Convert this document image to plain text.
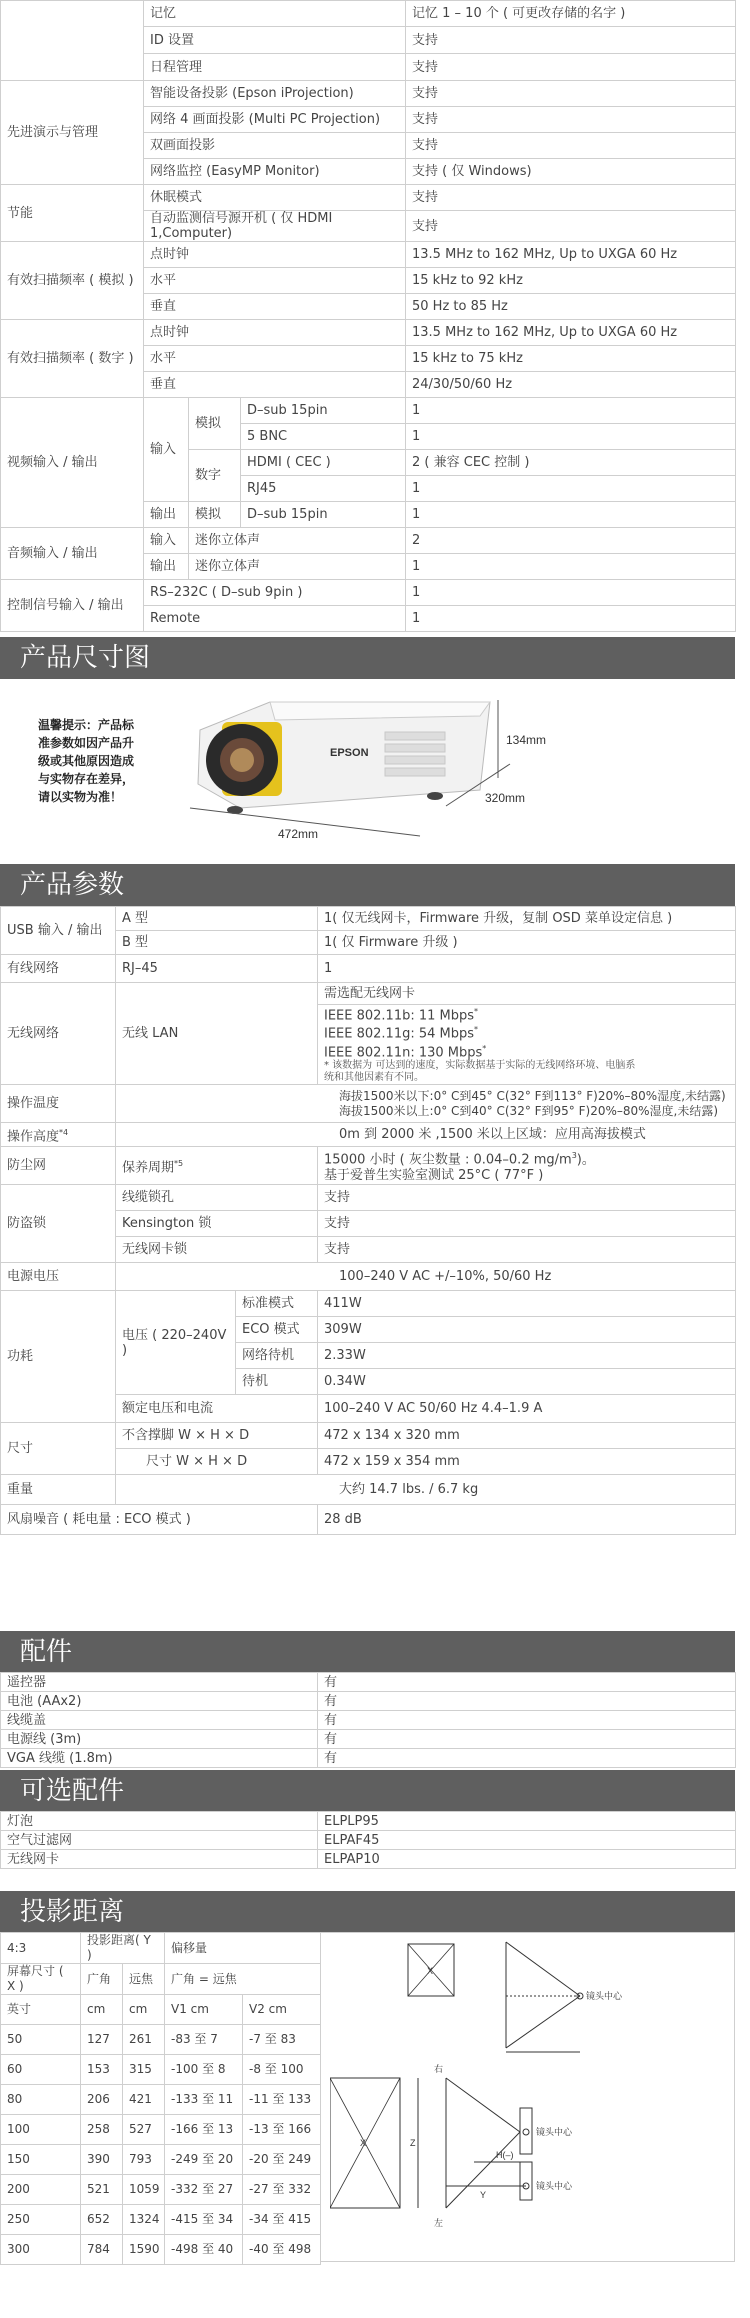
	记忆			记忆 1 – 10 个 ( 可更改存储的名字 )
	ID 设置			支持
	日程管理			支持
先进演示与管理	智能设备投影 (Epson iProjection)			支持
	网络 4 画面投影 (Multi PC Projection)			支持
	双画面投影			支持
	网络监控 (EasyMP Monitor)			支持 ( 仅 Windows)
节能	休眠模式			支持
	自动监测信号源开机 ( 仅 HDMI 1,Computer)			支持
有效扫描频率 ( 模拟 )	点时钟			13.5 MHz to 162 MHz, Up to UXGA 60 Hz
	水平			15 kHz to 92 kHz
	垂直			50 Hz to 85 Hz
有效扫描频率 ( 数字 )	点时钟			13.5 MHz to 162 MHz, Up to UXGA 60 Hz
	水平			15 kHz to 75 kHz
	垂直			24/30/50/60 Hz
视频输入 / 输出	输入	模拟	D–sub 15pin	1
			5 BNC	1
		数字	HDMI ( CEC )	2 ( 兼容 CEC 控制 )
			RJ45	1
	输出	模拟	D–sub 15pin	1
音频输入 / 输出	输入	迷你立体声		2
	输出	迷你立体声		1
控制信号输入 / 输出	RS–232C ( D–sub 9pin )			1
	Remote			1
产品尺寸图
温馨提示：产品标
准参数如因产品升
级或其他原因造成
与实物存在差异，
请以实物为准！
EPSON
134mm
320mm
472mm
产品参数
USB 输入 / 输出	A 型		1( 仅无线网卡，Firmware 升级，复制 OSD 菜单设定信息 )
	B 型		1( 仅 Firmware 升级 )
有线网络	RJ–45		1
无线网络	无线 LAN		需选配无线网卡

			IEEE 802.11b: 11 Mbps*
IEEE 802.11g: 54 Mbps*
IEEE 802.11n: 130 Mbps*
* 该数据为 可达到的速度，实际数据基于实际的无线网络环境、电脑系
统和其他因素有不同。

操作温度	海拔1500米以下:0° C到45° C(32° F到113° F)20%–80%湿度,未结露)
海拔1500米以上:0° C到40° C(32° F到95° F)20%–80%湿度,未结露)		

操作高度$^{*4}$	0m 到 2000 米 ,1500 米以上区域：应用高海拔模式		
防尘网	保养周期$^{*5}$		15000 小时 ( 灰尘数量 : 0.04–0.2 $mg/m^3$)。
基于爱普生实验室测试 25°C ( 77°F )

防盗锁	线缆锁孔		支持
	Kensington 锁		支持
	无线网卡锁		支持
电源电压	100–240 V AC +/–10%, 50/60 Hz		
功耗	电压 ( 220–240V )	标准模式	411W
		ECO 模式	309W
		网络待机	2.33W
		待机	0.34W
	额定电压和电流		100–240 V AC 50/60 Hz 4.4–1.9 A
尺寸	不含撑脚 W × H × D		472 x 134 x 320 mm
	尺寸 W × H × D		472 x 159 x 354 mm
重量	大约 14.7 lbs. / 6.7 kg		
风扇噪音 ( 耗电量 : ECO 模式 )			28 dB
配件
遥控器	有
电池 (AAx2)	有
线缆盖	有
电源线 (3m)	有
VGA 线缆 (1.8m)	有
可选配件
灯泡	ELPLP95
空气过滤网	ELPAF45
无线网卡	ELPAP10
投影距离
4:3	投影距离( Y )		偏移量	
屏幕尺寸 ( X )	广角	远焦	广角 = 远焦	
英寸	cm	cm	V1 cm	V2 cm
50	127	261	-83 至 7	-7 至 83
60	153	315	-100 至 8	-8 至 100
80	206	421	-133 至 11	-11 至 133
100	258	527	-166 至 13	-13 至 166
150	390	793	-249 至 20	-20 至 249
200	521	1059	-332 至 27	-27 至 332
250	652	1324	-415 至 34	-34 至 415
300	784	1590	-498 至 40	-40 至 498
X
镜头中心
X	Z
右
左
H(–)
Y
镜头中心
镜头中心
